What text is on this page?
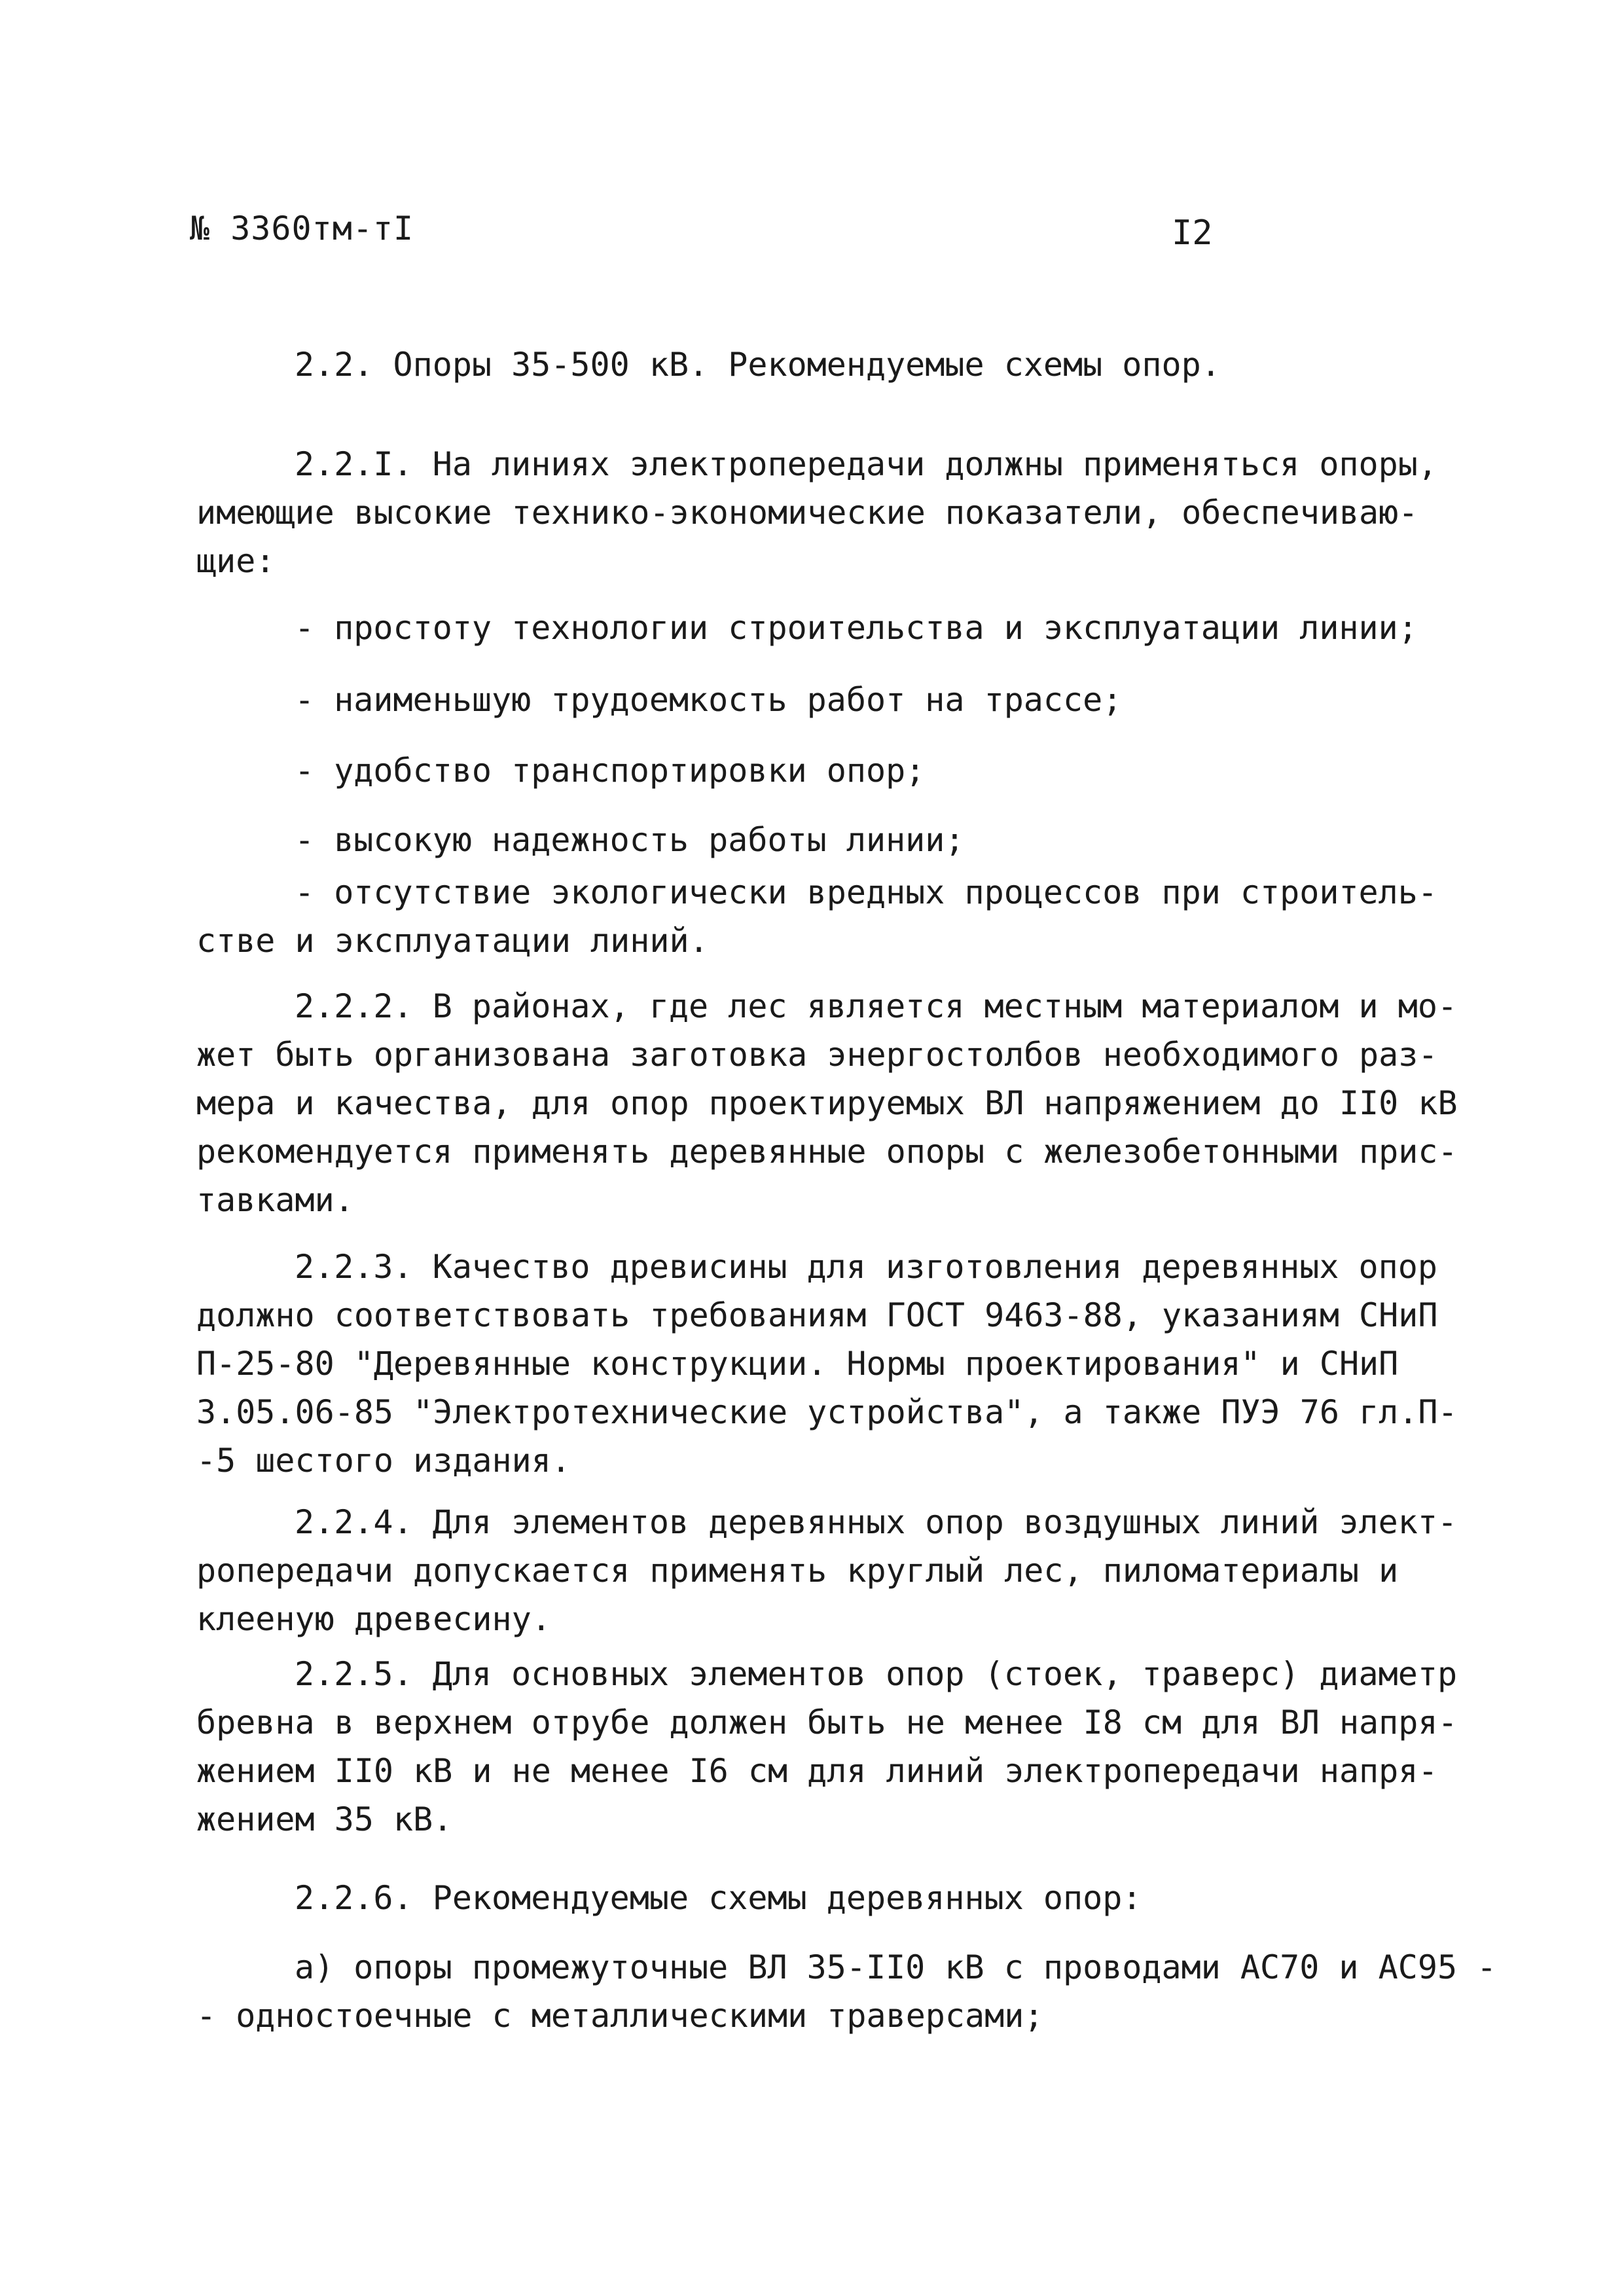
№ 3360тм-тI	I2
2.2. Опоры 35-500 кВ. Рекомендуемые схемы опор.
2.2.I. На линиях электропередачи должны применяться опоры,
имеющие высокие технико-экономические показатели, обеспечиваю-
щие:
- простоту технологии строительства и эксплуатации линии;
- наименьшую трудоемкость работ на трассе;
- удобство транспортировки опор;
- высокую надежность работы линии;
- отсутствие экологически вредных процессов при строитель-
стве и эксплуатации линий.
2.2.2. В районах, где лес является местным материалом и мо-
жет быть организована заготовка энергостолбов необходимого раз-
мера и качества, для опор проектируемых ВЛ напряжением до II0 кВ
рекомендуется применять деревянные опоры с железобетонными прис-
тавками.
2.2.3. Качество древисины для изготовления деревянных опор
должно соответствовать требованиям ГОСТ 9463-88, указаниям СНиП
П-25-80 "Деревянные конструкции. Нормы проектирования" и СНиП
3.05.06-85 "Электротехнические устройства", а также ПУЭ 76 гл.П-
-5 шестого издания.
2.2.4. Для элементов деревянных опор воздушных линий элект-
ропередачи допускается применять круглый лес, пиломатериалы и
клееную древесину.
2.2.5. Для основных элементов опор (стоек, траверс) диаметр
бревна в верхнем отрубе должен быть не менее I8 см для ВЛ напря-
жением II0 кВ и не менее I6 см для линий электропередачи напря-
жением 35 кВ.
2.2.6. Рекомендуемые схемы деревянных опор:
а) опоры промежуточные ВЛ 35-II0 кВ с проводами АС70 и АС95 -
- одностоечные с металлическими траверсами;
